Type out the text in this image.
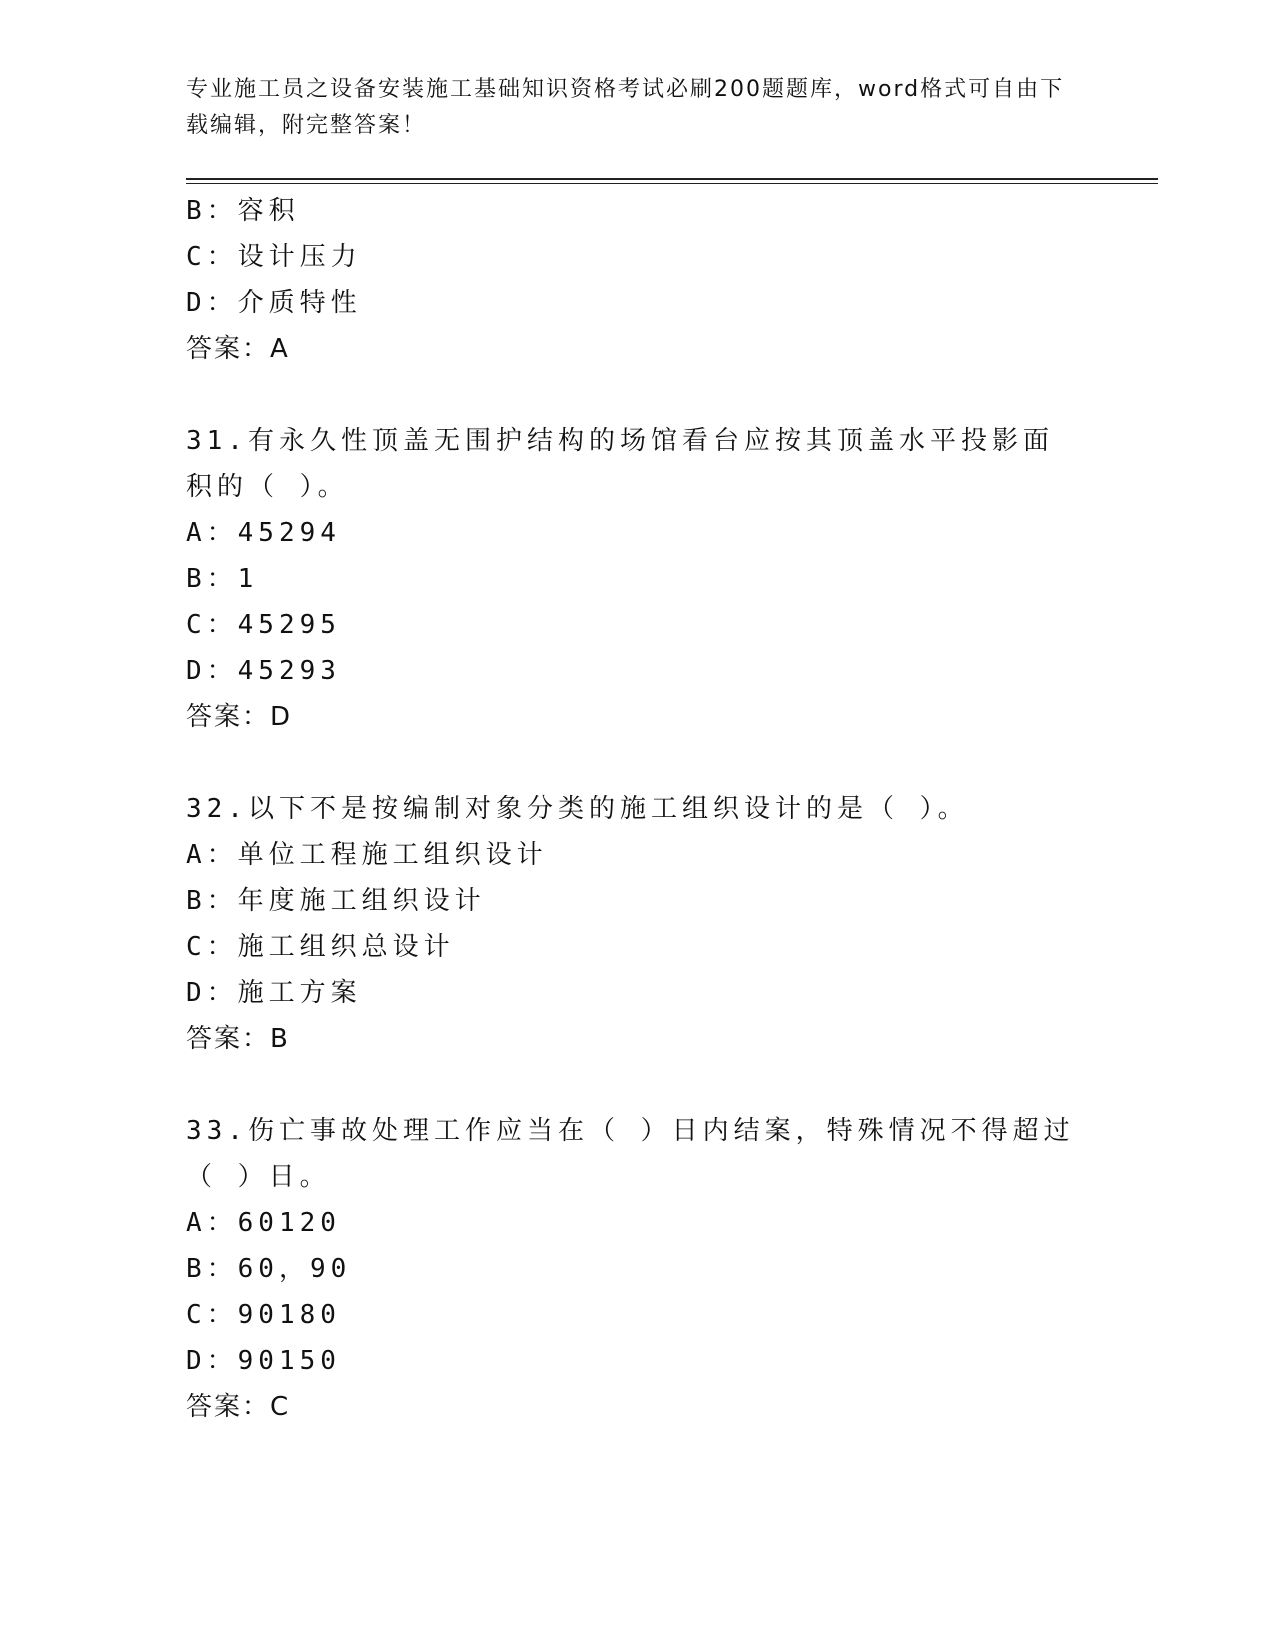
专业施工员之设备安装施工基础知识资格考试必刷200题题库，word格式可自由下载编辑，附完整答案！
B：容积
C：设计压力
D：介质特性
答案：A
31.有永久性顶盖无围护结构的场馆看台应按其顶盖水平投影面积的（ ）。
A：45294
B：1
C：45295
D：45293
答案：D
32.以下不是按编制对象分类的施工组织设计的是（ ）。
A：单位工程施工组织设计
B：年度施工组织设计
C：施工组织总设计
D：施工方案
答案：B
33.伤亡事故处理工作应当在（ ）日内结案，特殊情况不得超过（ ）日。
A：60120
B：60，90
C：90180
D：90150
答案：C
